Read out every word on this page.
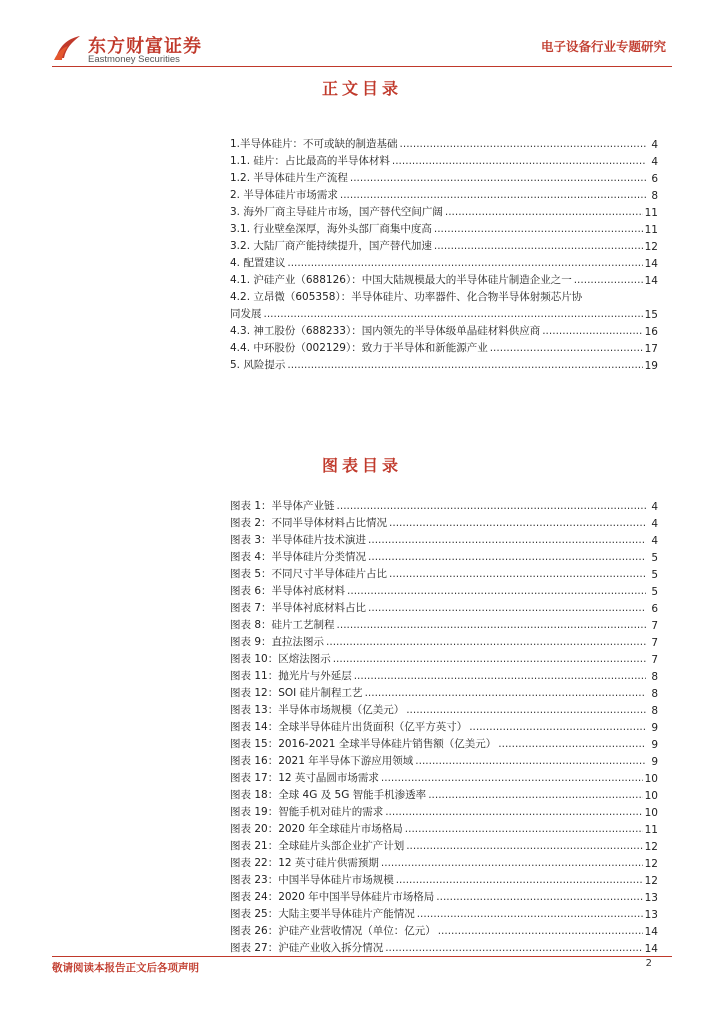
东方财富证券
Eastmoney Securities
电子设备行业专题研究
正文目录
1.半导体硅片：不可或缺的制造基础 .....	4
1.1. 硅片：占比最高的半导体材料 .....	4
1.2. 半导体硅片生产流程 .....	6
2. 半导体硅片市场需求 .....	8
3. 海外厂商主导硅片市场，国产替代空间广阔 .....	11
3.1. 行业壁垒深厚，海外头部厂商集中度高 .....	11
3.2. 大陆厂商产能持续提升，国产替代加速 .....	12
4. 配置建议 .....	14
4.1. 沪硅产业（688126）：中国大陆规模最大的半导体硅片制造企业之一 .....	14
4.2. 立昂微（605358）：半导体硅片、功率器件、化合物半导体射频芯片协
同发展 .....	15
4.3. 神工股份（688233）：国内领先的半导体级单晶硅材料供应商 .....	16
4.4. 中环股份（002129）：致力于半导体和新能源产业 .....	17
5. 风险提示 .....	19
图表目录
图表 1：半导体产业链 .....	4
图表 2：不同半导体材料占比情况 .....	4
图表 3：半导体硅片技术演进 .....	4
图表 4：半导体硅片分类情况 .....	5
图表 5：不同尺寸半导体硅片占比 .....	5
图表 6：半导体衬底材料 .....	5
图表 7：半导体衬底材料占比 .....	6
图表 8：硅片工艺制程 .....	7
图表 9：直拉法图示 .....	7
图表 10：区熔法图示 .....	7
图表 11：抛光片与外延层 .....	8
图表 12：SOI 硅片制程工艺 .....	8
图表 13：半导体市场规模（亿美元） .....	8
图表 14：全球半导体硅片出货面积（亿平方英寸） .....	9
图表 15：2016-2021 全球半导体硅片销售额（亿美元） .....	9
图表 16：2021 年半导体下游应用领域 .....	9
图表 17：12 英寸晶圆市场需求 .....	10
图表 18：全球 4G 及 5G 智能手机渗透率 .....	10
图表 19：智能手机对硅片的需求 .....	10
图表 20：2020 年全球硅片市场格局 .....	11
图表 21：全球硅片头部企业扩产计划 .....	12
图表 22：12 英寸硅片供需预期 .....	12
图表 23：中国半导体硅片市场规模 .....	12
图表 24：2020 年中国半导体硅片市场格局 .....	13
图表 25：大陆主要半导体硅片产能情况 .....	13
图表 26：沪硅产业营收情况（单位：亿元） .....	14
图表 27：沪硅产业收入拆分情况 .....	14
敬请阅读本报告正文后各项声明	2
